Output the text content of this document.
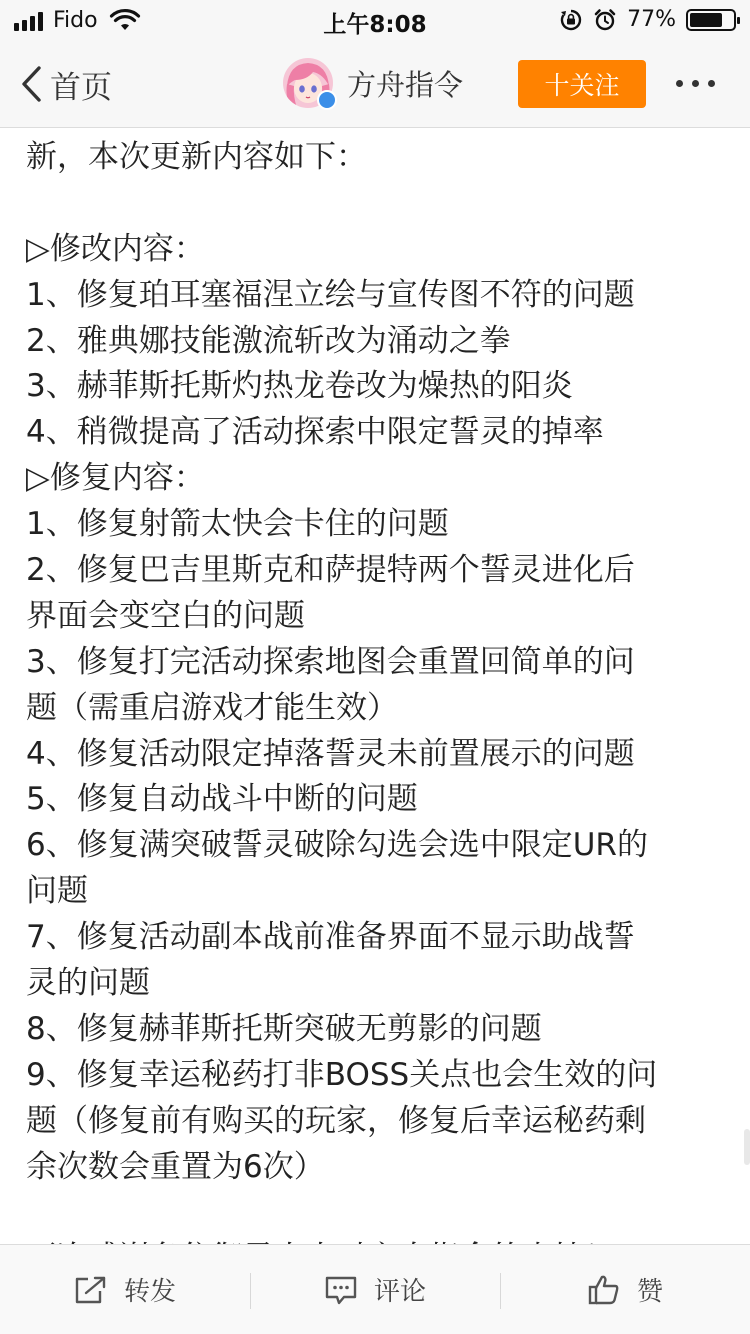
Fido	上午8:08	77%
首页	方舟指令	十关注
新，本次更新内容如下：
▷修改内容：
1、修复珀耳塞福涅立绘与宣传图不符的问题
2、雅典娜技能激流斩改为涌动之拳
3、赫菲斯托斯灼热龙卷改为燥热的阳炎
4、稍微提高了活动探索中限定誓灵的掉率
▷修复内容：
1、修复射箭太快会卡住的问题
2、修复巴吉里斯克和萨提特两个誓灵进化后
界面会变空白的问题
3、修复打完活动探索地图会重置回简单的问
题（需重启游戏才能生效）
4、修复活动限定掉落誓灵未前置展示的问题
5、修复自动战斗中断的问题
6、修复满突破誓灵破除勾选会选中限定UR的
问题
7、修复活动副本战前准备界面不显示助战誓
灵的问题
8、修复赫菲斯托斯突破无剪影的问题
9、修复幸运秘药打非BOSS关点也会生效的问
题（修复前有购买的玩家，修复后幸运秘药剩
余次数会重置为6次）
转发	评论	赞
